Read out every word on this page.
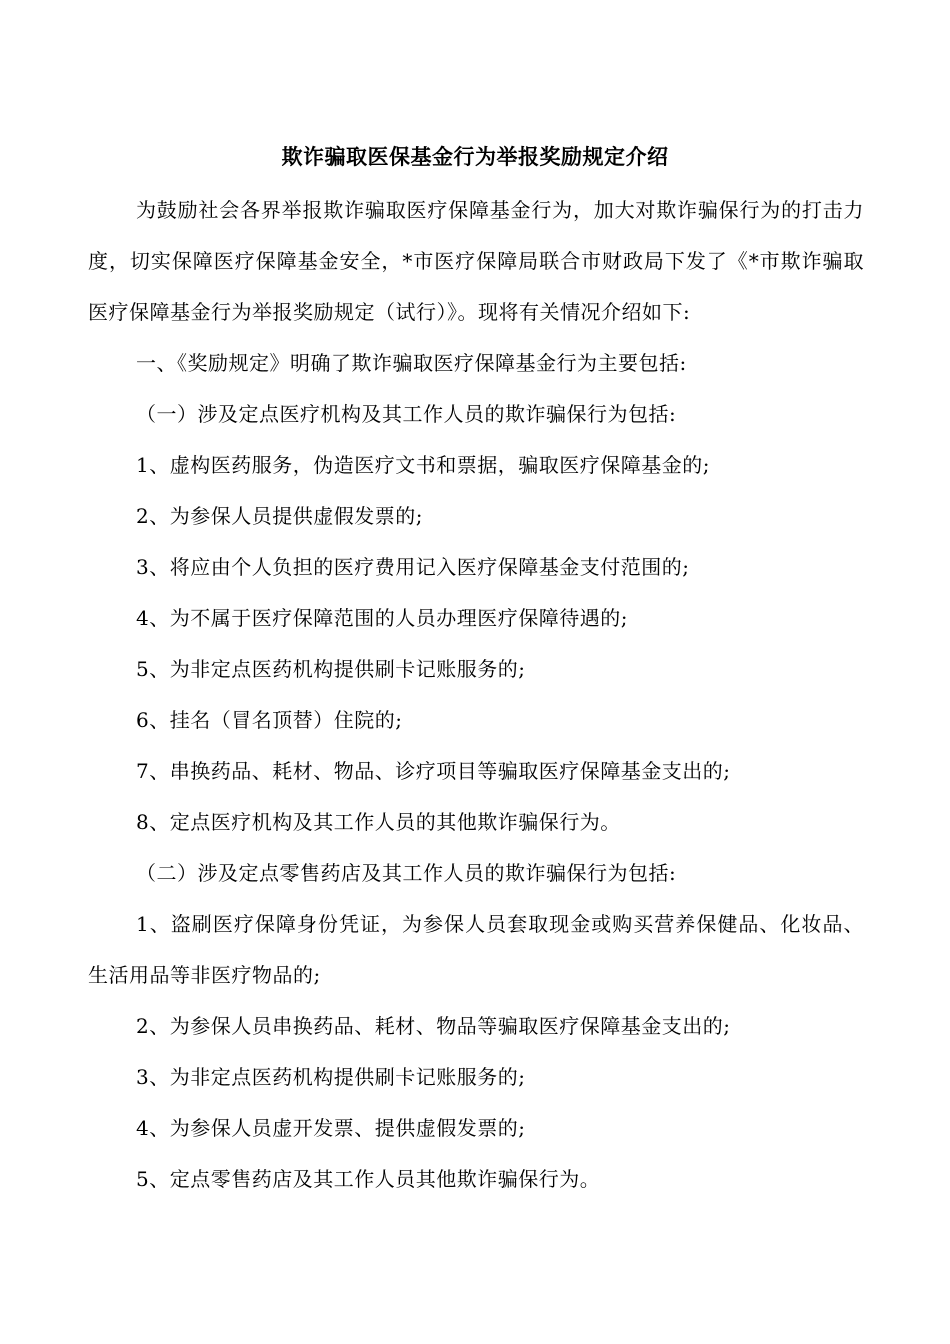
欺诈骗取医保基金行为举报奖励规定介绍

为鼓励社会各界举报欺诈骗取医疗保障基金行为，加大对欺诈骗保行为的打击力度，切实保障医疗保障基金安全，*市医疗保障局联合市财政局下发了《*市欺诈骗取医疗保障基金行为举报奖励规定（试行）》。现将有关情况介绍如下:

一、《奖励规定》明确了欺诈骗取医疗保障基金行为主要包括:

（一）涉及定点医疗机构及其工作人员的欺诈骗保行为包括:

1、虚构医药服务，伪造医疗文书和票据，骗取医疗保障基金的;

2、为参保人员提供虚假发票的;

3、将应由个人负担的医疗费用记入医疗保障基金支付范围的;

4、为不属于医疗保障范围的人员办理医疗保障待遇的;

5、为非定点医药机构提供刷卡记账服务的;

6、挂名（冒名顶替）住院的;

7、串换药品、耗材、物品、诊疗项目等骗取医疗保障基金支出的;

8、定点医疗机构及其工作人员的其他欺诈骗保行为。

（二）涉及定点零售药店及其工作人员的欺诈骗保行为包括:

1、盗刷医疗保障身份凭证，为参保人员套取现金或购买营养保健品、化妆品、生活用品等非医疗物品的;

2、为参保人员串换药品、耗材、物品等骗取医疗保障基金支出的;

3、为非定点医药机构提供刷卡记账服务的;

4、为参保人员虚开发票、提供虚假发票的;

5、定点零售药店及其工作人员其他欺诈骗保行为。
